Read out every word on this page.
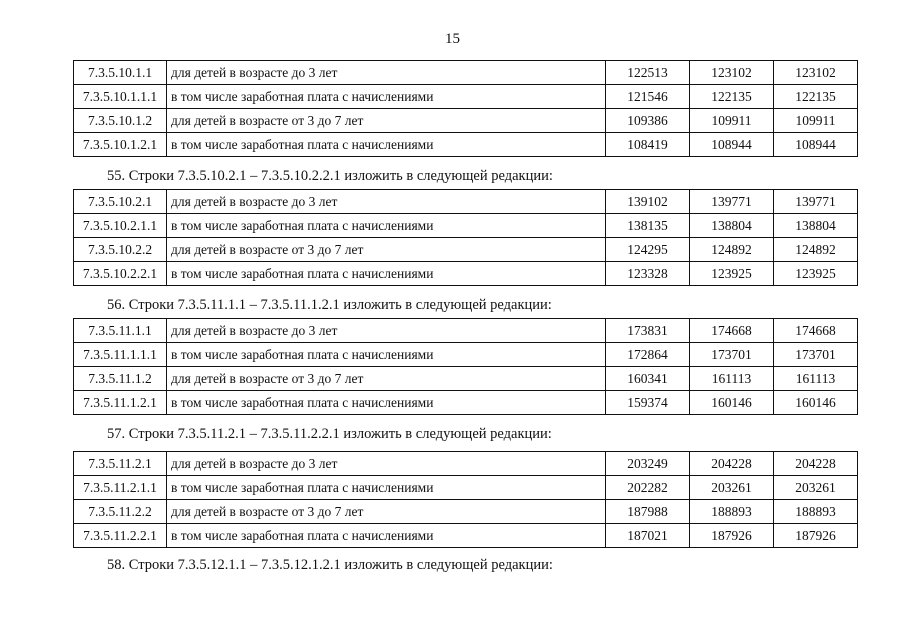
15
7.3.5.10.1.1	для детей в возрасте до 3 лет	122513	123102	123102
7.3.5.10.1.1.1	в том числе заработная плата с начислениями	121546	122135	122135
7.3.5.10.1.2	для детей в возрасте от 3 до 7 лет	109386	109911	109911
7.3.5.10.1.2.1	в том числе заработная плата с начислениями	108419	108944	108944
55. Строки 7.3.5.10.2.1 – 7.3.5.10.2.2.1 изложить в следующей редакции:
7.3.5.10.2.1	для детей в возрасте до 3 лет	139102	139771	139771
7.3.5.10.2.1.1	в том числе заработная плата с начислениями	138135	138804	138804
7.3.5.10.2.2	для детей в возрасте от 3 до 7 лет	124295	124892	124892
7.3.5.10.2.2.1	в том числе заработная плата с начислениями	123328	123925	123925
56. Строки 7.3.5.11.1.1 – 7.3.5.11.1.2.1 изложить в следующей редакции:
7.3.5.11.1.1	для детей в возрасте до 3 лет	173831	174668	174668
7.3.5.11.1.1.1	в том числе заработная плата с начислениями	172864	173701	173701
7.3.5.11.1.2	для детей в возрасте от 3 до 7 лет	160341	161113	161113
7.3.5.11.1.2.1	в том числе заработная плата с начислениями	159374	160146	160146
57. Строки 7.3.5.11.2.1 – 7.3.5.11.2.2.1 изложить в следующей редакции:
7.3.5.11.2.1	для детей в возрасте до 3 лет	203249	204228	204228
7.3.5.11.2.1.1	в том числе заработная плата с начислениями	202282	203261	203261
7.3.5.11.2.2	для детей в возрасте от 3 до 7 лет	187988	188893	188893
7.3.5.11.2.2.1	в том числе заработная плата с начислениями	187021	187926	187926
58. Строки 7.3.5.12.1.1 – 7.3.5.12.1.2.1 изложить в следующей редакции:
